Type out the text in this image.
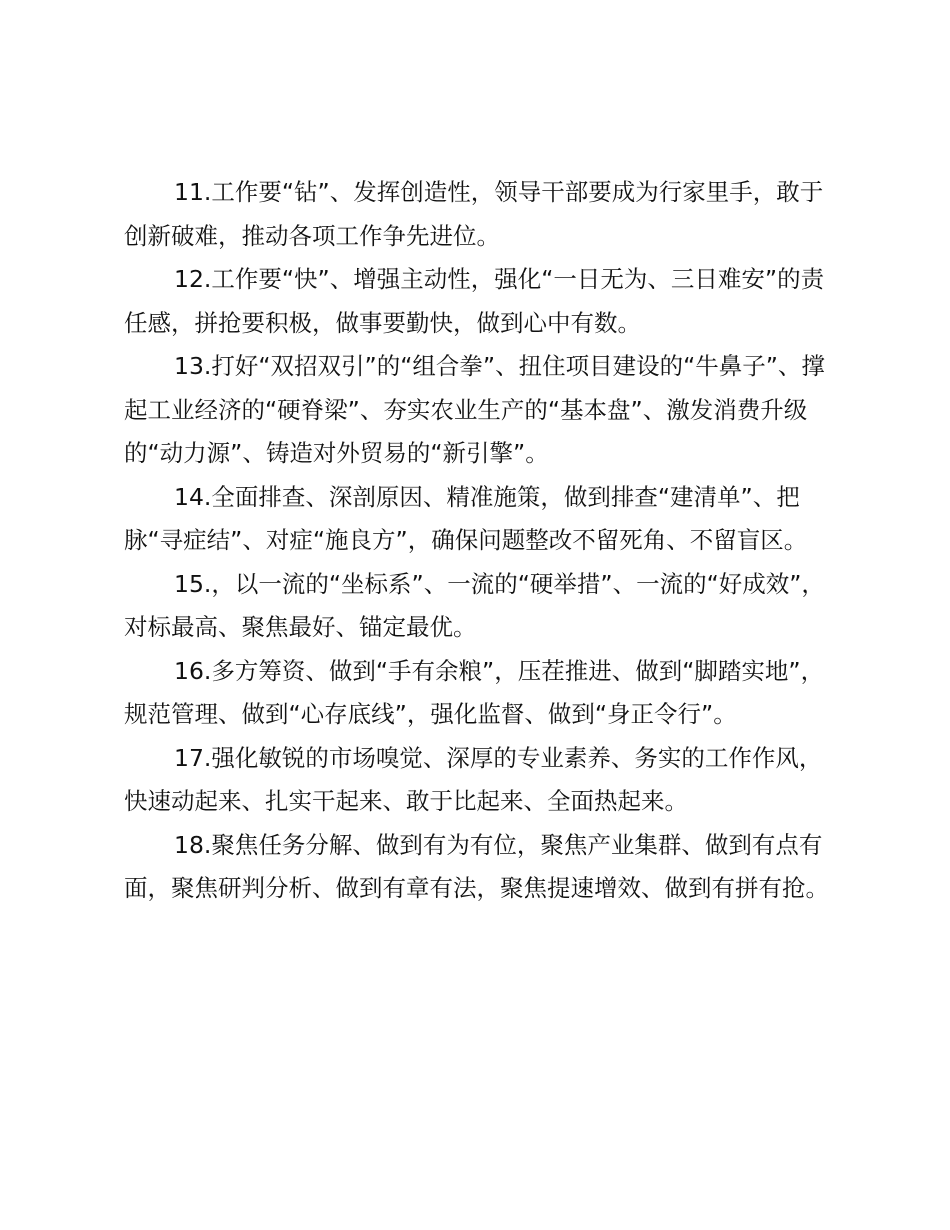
11.工作要“钻”、发挥创造性，领导干部要成为行家里手，敢于创新破难，推动各项工作争先进位。

12.工作要“快”、增强主动性，强化“一日无为、三日难安”的责任感，拼抢要积极，做事要勤快，做到心中有数。

13.打好“双招双引”的“组合拳”、扭住项目建设的“牛鼻子”、撑起工业经济的“硬脊梁”、夯实农业生产的“基本盘”、激发消费升级的“动力源”、铸造对外贸易的“新引擎”。

14.全面排查、深剖原因、精准施策，做到排查“建清单”、把脉“寻症结”、对症“施良方”，确保问题整改不留死角、不留盲区。

15.，以一流的“坐标系”、一流的“硬举措”、一流的“好成效”，对标最高、聚焦最好、锚定最优。

16.多方筹资、做到“手有余粮”，压茬推进、做到“脚踏实地”，规范管理、做到“心存底线”，强化监督、做到“身正令行”。

17.强化敏锐的市场嗅觉、深厚的专业素养、务实的工作作风，快速动起来、扎实干起来、敢于比起来、全面热起来。

18.聚焦任务分解、做到有为有位，聚焦产业集群、做到有点有面，聚焦研判分析、做到有章有法，聚焦提速增效、做到有拼有抢。
